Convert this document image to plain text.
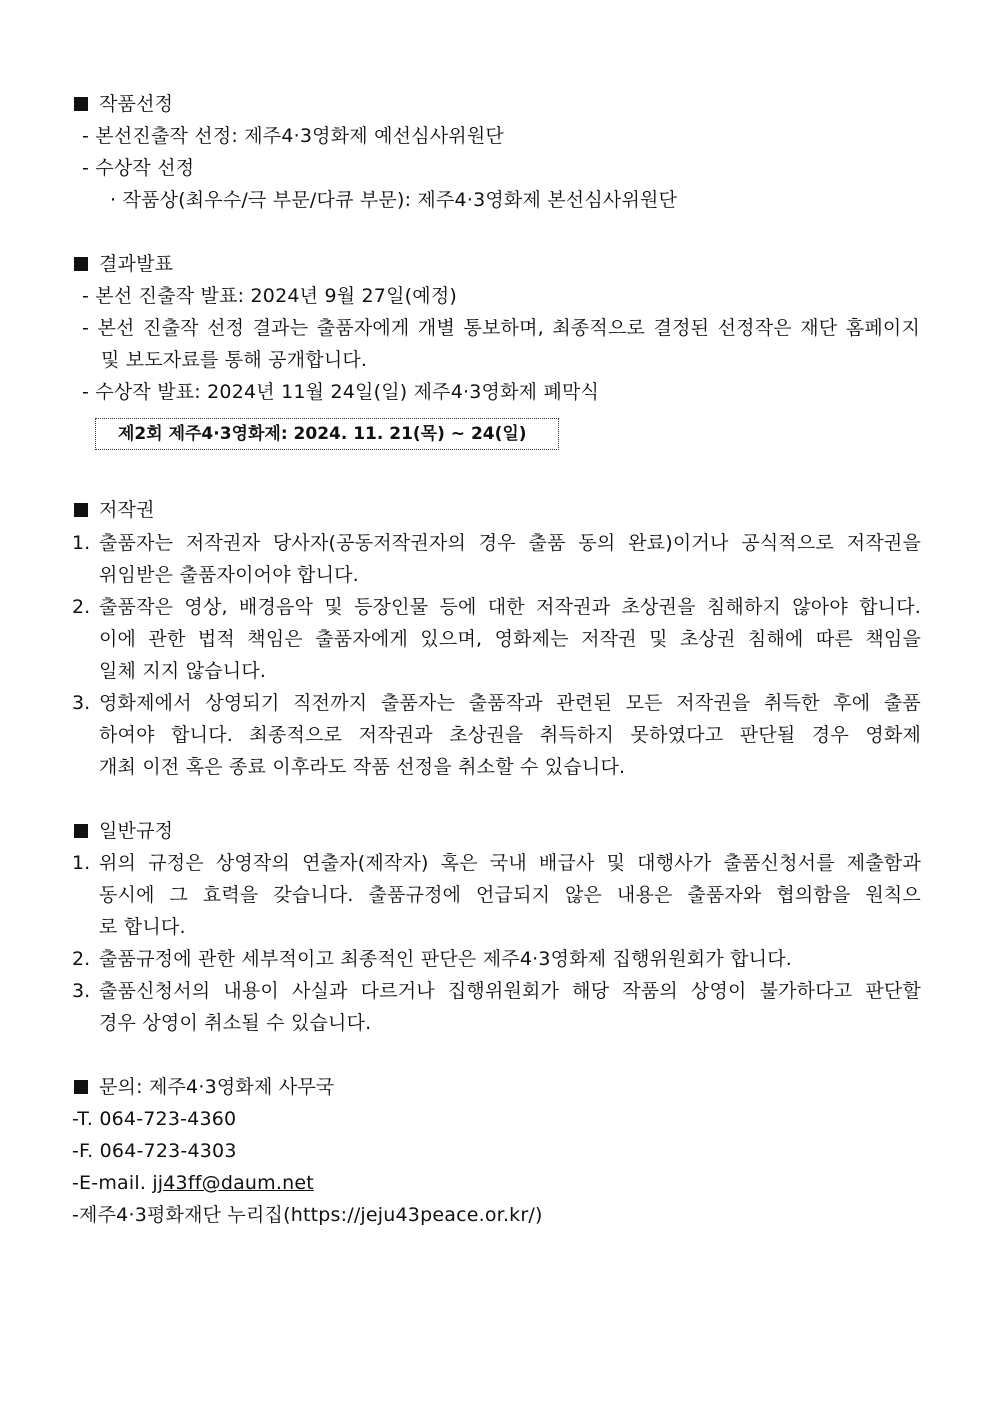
작품선정
- 본선진출작 선정: 제주4·3영화제 예선심사위원단
- 수상작 선정
· 작품상(최우수/극 부문/다큐 부문): 제주4·3영화제 본선심사위원단
결과발표
- 본선 진출작 발표: 2024년 9월 27일(예정)
- 본선 진출작 선정 결과는 출품자에게 개별 통보하며, 최종적으로 결정된 선정작은 재단 홈페이지
및 보도자료를 통해 공개합니다.
- 수상작 발표: 2024년 11월 24일(일) 제주4·3영화제 폐막식
제2회 제주4·3영화제: 2024. 11. 21(목) ~ 24(일)
저작권
1. 출품자는 저작권자 당사자(공동저작권자의 경우 출품 동의 완료)이거나 공식적으로 저작권을
위임받은 출품자이어야 합니다.
2. 출품작은 영상, 배경음악 및 등장인물 등에 대한 저작권과 초상권을 침해하지 않아야 합니다.
이에 관한 법적 책임은 출품자에게 있으며, 영화제는 저작권 및 초상권 침해에 따른 책임을
일체 지지 않습니다.
3. 영화제에서 상영되기 직전까지 출품자는 출품작과 관련된 모든 저작권을 취득한 후에 출품
하여야 합니다. 최종적으로 저작권과 초상권을 취득하지 못하였다고 판단될 경우 영화제
개최 이전 혹은 종료 이후라도 작품 선정을 취소할 수 있습니다.
일반규정
1. 위의 규정은 상영작의 연출자(제작자) 혹은 국내 배급사 및 대행사가 출품신청서를 제출함과
동시에 그 효력을 갖습니다. 출품규정에 언급되지 않은 내용은 출품자와 협의함을 원칙으
로 합니다.
2. 출품규정에 관한 세부적이고 최종적인 판단은 제주4·3영화제 집행위원회가 합니다.
3. 출품신청서의 내용이 사실과 다르거나 집행위원회가 해당 작품의 상영이 불가하다고 판단할
경우 상영이 취소될 수 있습니다.
문의: 제주4·3영화제 사무국
-T. 064-723-4360
-F. 064-723-4303
-E-mail. jj43ff@daum.net
-제주4·3평화재단 누리집(https://jeju43peace.or.kr/)
